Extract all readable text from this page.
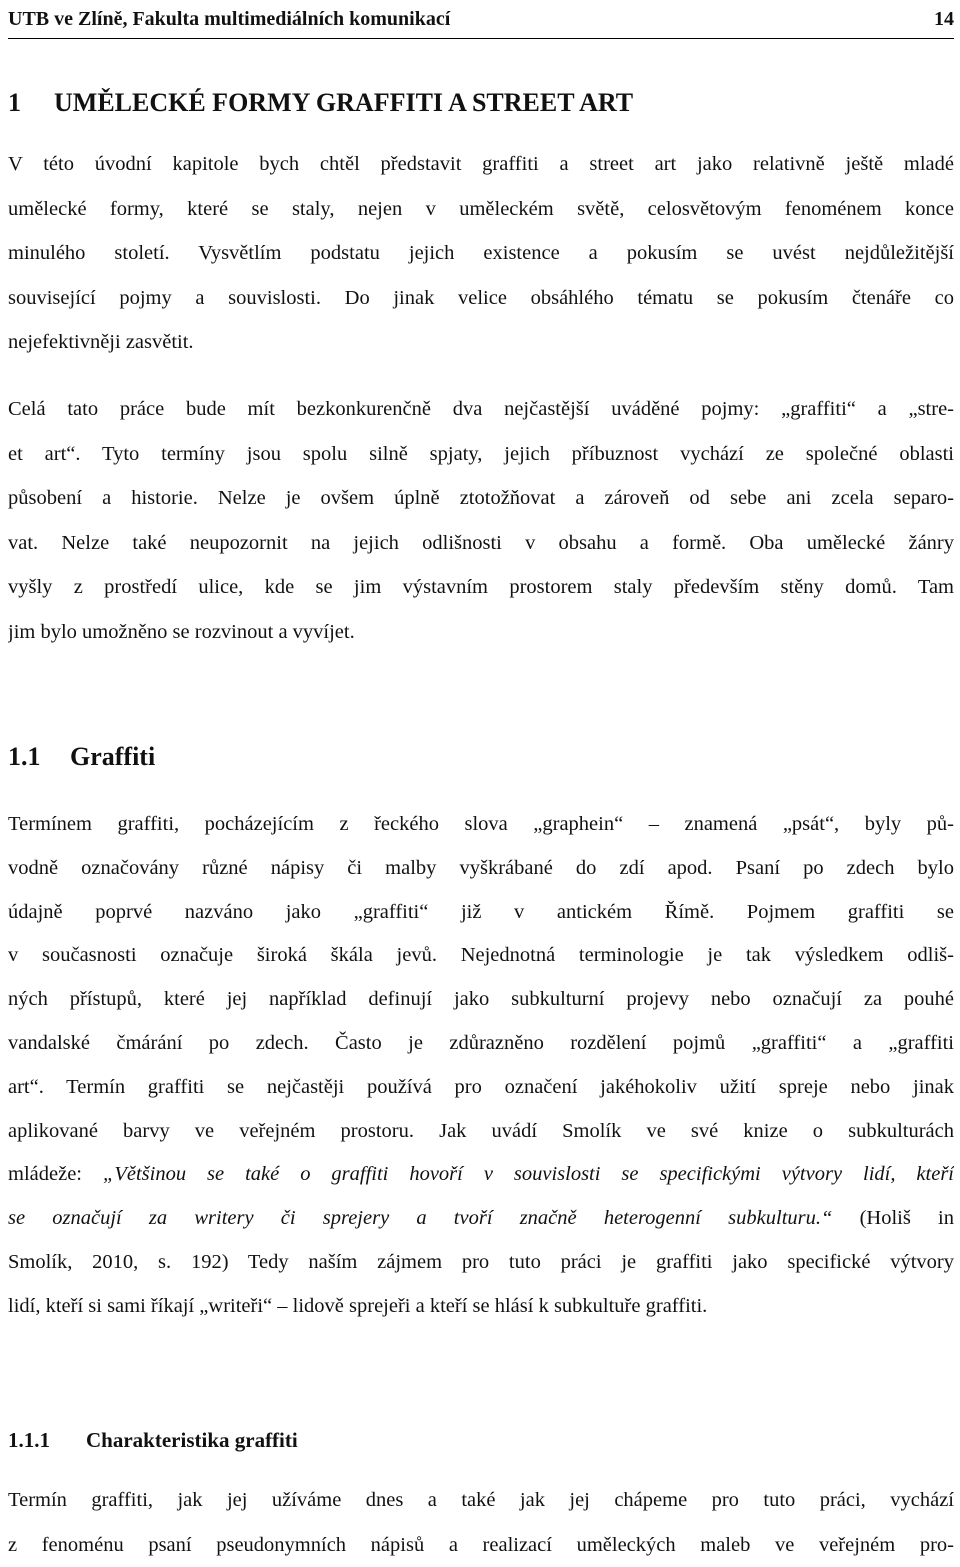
UTB ve Zlíně, Fakulta multimediálních komunikací	14
1 UMĚLECKÉ FORMY GRAFFITI A STREET ART

V této úvodní kapitole bych chtěl představit graffiti a street art jako relativně ještě mladé
umělecké formy, které se staly, nejen v uměleckém světě, celosvětovým fenoménem konce
minulého století. Vysvětlím podstatu jejich existence a pokusím se uvést nejdůležitější
související pojmy a souvislosti. Do jinak velice obsáhlého tématu se pokusím čtenáře co
nejefektivněji zasvětit.

Celá tato práce bude mít bezkonkurenčně dva nejčastější uváděné pojmy: „graffiti“ a „stre-
et art“. Tyto termíny jsou spolu silně spjaty, jejich příbuznost vychází ze společné oblasti
působení a historie. Nelze je ovšem úplně ztotožňovat a zároveň od sebe ani zcela separo-
vat. Nelze také neupozornit na jejich odlišnosti v obsahu a formě. Oba umělecké žánry
vyšly z prostředí ulice, kde se jim výstavním prostorem staly především stěny domů. Tam
jim bylo umožněno se rozvinout a vyvíjet.

1.1 Graffiti

Termínem graffiti, pocházejícím z řeckého slova „graphein“ – znamená „psát“, byly pů-
vodně označovány různé nápisy či malby vyškrábané do zdí apod. Psaní po zdech bylo
údajně poprvé nazváno jako „graffiti“ již v antickém Římě. Pojmem graffiti se
v současnosti označuje široká škála jevů. Nejednotná terminologie je tak výsledkem odliš-
ných přístupů, které jej například definují jako subkulturní projevy nebo označují za pouhé
vandalské čmárání po zdech. Často je zdůrazněno rozdělení pojmů „graffiti“ a „graffiti
art“. Termín graffiti se nejčastěji používá pro označení jakéhokoliv užití spreje nebo jinak
aplikované barvy ve veřejném prostoru. Jak uvádí Smolík ve své knize o subkulturách
mládeže: „Většinou se také o graffiti hovoří v souvislosti se specifickými výtvory lidí, kteří
se označují za writery či sprejery a tvoří značně heterogenní subkulturu.“ (Holiš in
Smolík, 2010, s. 192) Tedy naším zájmem pro tuto práci je graffiti jako specifické výtvory
lidí, kteří si sami říkají „writeři“ – lidově sprejeři a kteří se hlásí k subkultuře graffiti.

1.1.1 Charakteristika graffiti

Termín graffiti, jak jej užíváme dnes a také jak jej chápeme pro tuto práci, vychází
z fenoménu psaní pseudonymních nápisů a realizací uměleckých maleb ve veřejném pro-
